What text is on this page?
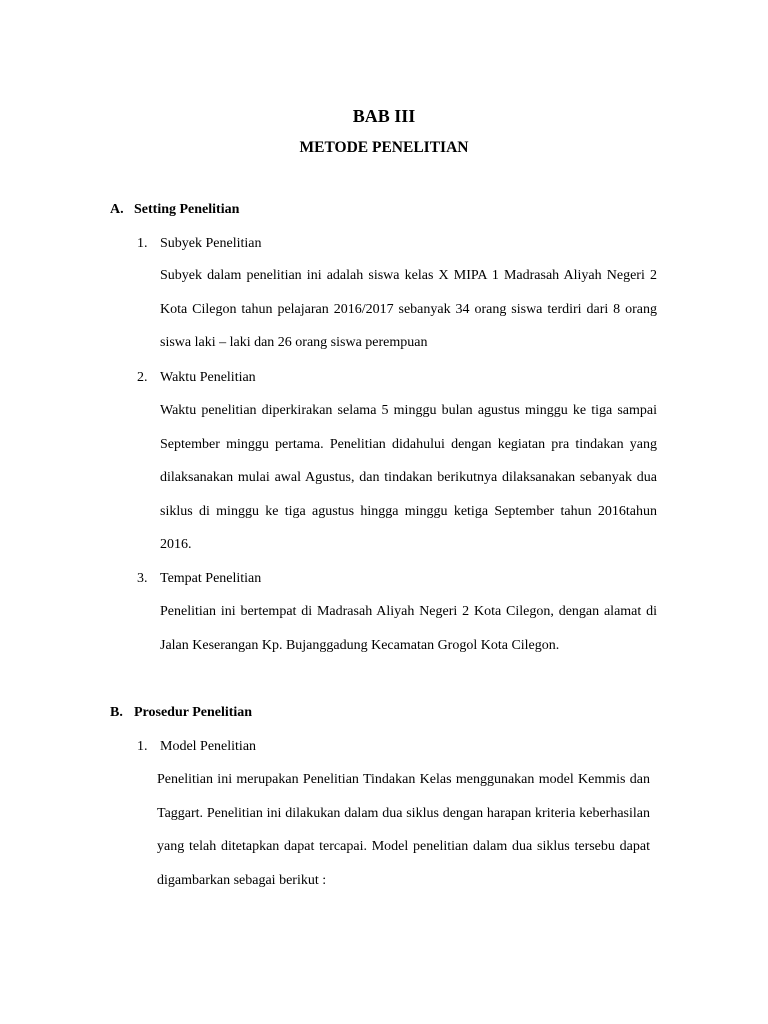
BAB III
METODE PENELITIAN

A. Setting Penelitian

1. Subyek Penelitian

Subyek dalam penelitian ini adalah siswa kelas X MIPA 1 Madrasah Aliyah Negeri 2 Kota Cilegon tahun pelajaran 2016/2017 sebanyak 34 orang siswa terdiri dari 8 orang siswa laki – laki dan 26 orang siswa perempuan

2. Waktu Penelitian

Waktu penelitian diperkirakan selama 5 minggu bulan agustus minggu ke tiga sampai September minggu pertama. Penelitian didahului dengan kegiatan pra tindakan yang dilaksanakan mulai awal Agustus, dan tindakan berikutnya dilaksanakan sebanyak dua siklus di minggu ke tiga agustus hingga minggu ketiga September tahun 2016tahun 2016.

3. Tempat Penelitian

Penelitian ini bertempat di Madrasah Aliyah Negeri 2 Kota Cilegon, dengan alamat di Jalan Keserangan Kp. Bujanggadung Kecamatan Grogol Kota Cilegon.

B. Prosedur Penelitian

1. Model Penelitian

Penelitian ini merupakan Penelitian Tindakan Kelas menggunakan model Kemmis dan Taggart. Penelitian ini dilakukan dalam dua siklus dengan harapan kriteria keberhasilan yang telah ditetapkan dapat tercapai. Model penelitian dalam dua siklus tersebu dapat digambarkan sebagai berikut :
